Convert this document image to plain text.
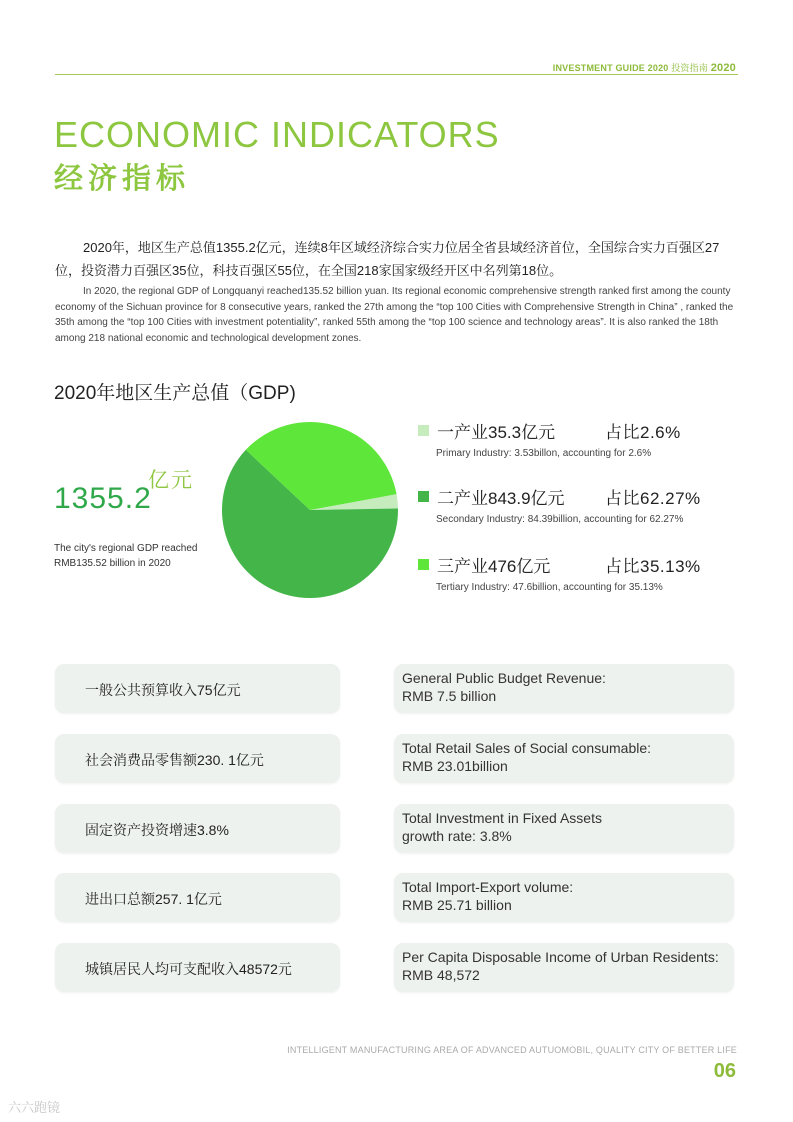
INVESTMENT GUIDE 2020 投资指南 2020
ECONOMIC INDICATORS
经济指标
2020年，地区生产总值1355.2亿元，连续8年区域经济综合实力位居全省县域经济首位，全国综合实力百强区27位，投资潜力百强区35位，科技百强区55位，在全国218家国家级经开区中名列第18位。
In 2020, the regional GDP of Longquanyi reached135.52 billion yuan. Its regional economic comprehensive strength ranked first among the county economy of the Sichuan province for 8 consecutive years, ranked the 27th among the “top 100 Cities with Comprehensive Strength in China” , ranked the 35th among the “top 100 Cities with investment potentiality”, ranked 55th among the “top 100 science and technology areas”. It is also ranked the 18th among 218 national economic and technological development zones.
2020年地区生产总值（GDP)
亿元
1355.2
The city's regional GDP reached RMB135.52 billion in 2020
一产业35.3亿元	占比2.6%
Primary Industry: 3.53billon, accounting for 2.6%
二产业843.9亿元 占比62.27%
Secondary Industry: 84.39billion, accounting for 62.27%
三产业476亿元	占比35.13%
Tertiary Industry: 47.6billion, accounting for 35.13%
一般公共预算收入75亿元
General Public Budget Revenue:
RMB 7.5 billion
社会消费品零售额230. 1亿元
Total Retail Sales of Social consumable:
RMB 23.01billion
固定资产投资增速3.8%
Total Investment in Fixed Assets
growth rate: 3.8%
进出口总额257. 1亿元
Total Import-Export volume:
RMB 25.71 billion
城镇居民人均可支配收入48572元
Per Capita Disposable Income of Urban Residents:
RMB 48,572
INTELLIGENT MANUFACTURING AREA OF ADVANCED AUTUOMOBIL, QUALITY CITY OF BETTER LIFE
06
六六跑镜
